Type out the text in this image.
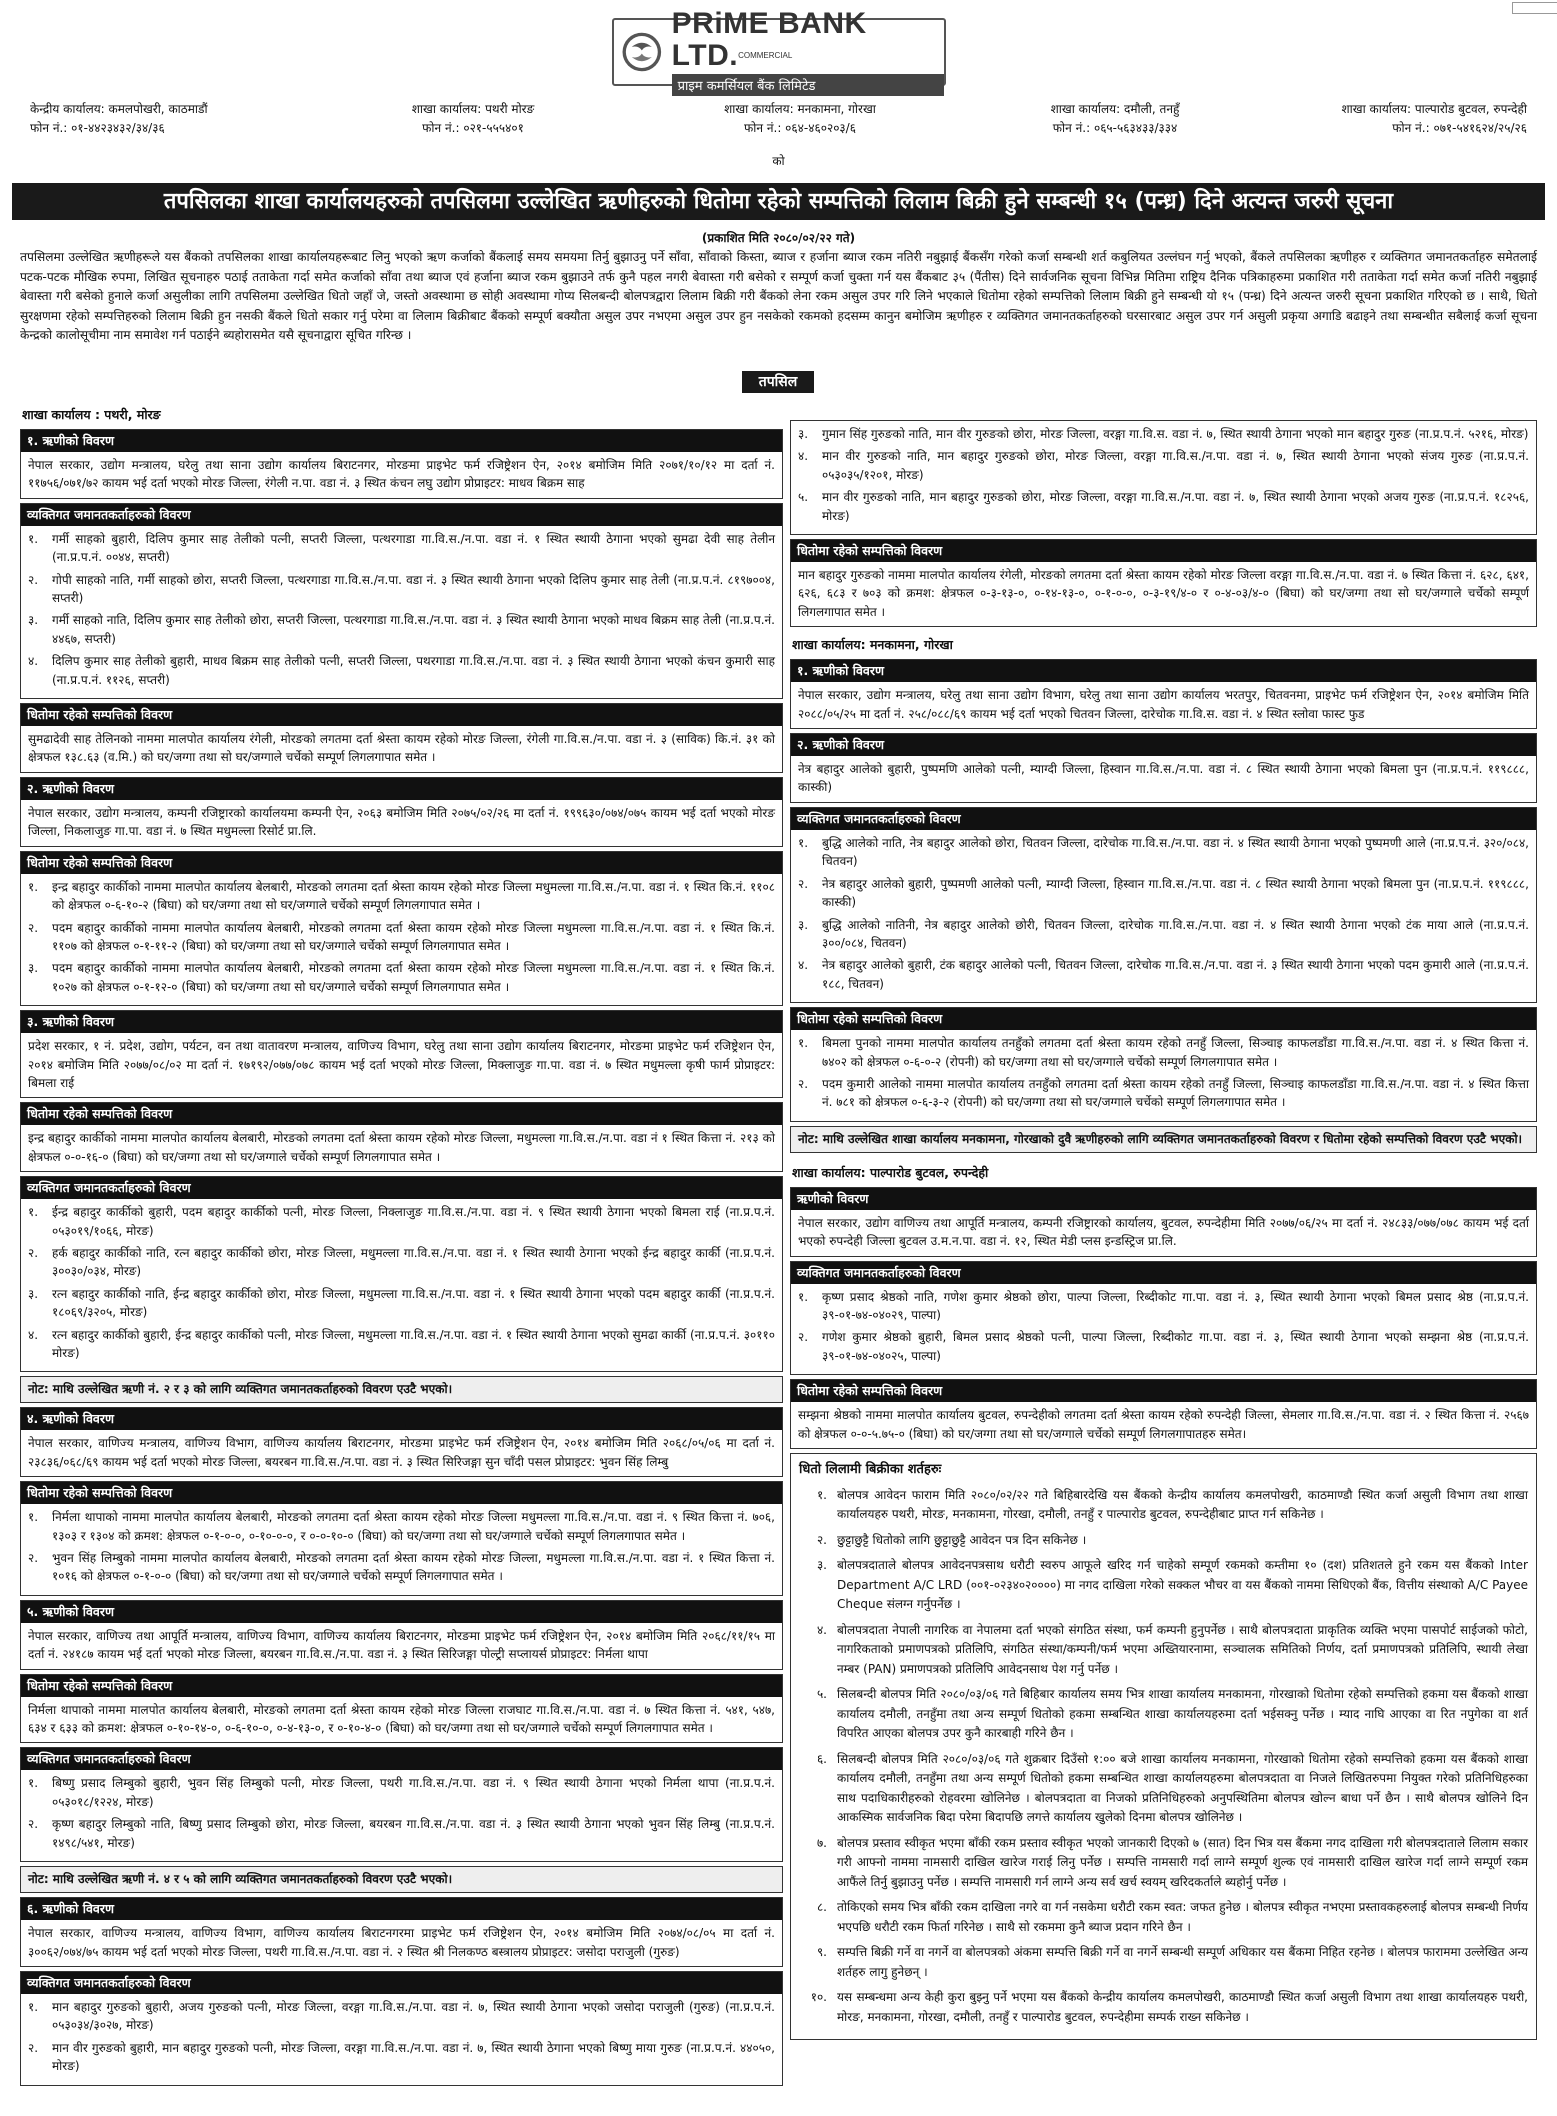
PRiME BANK LTD.$^{COMMERCIAL}$
प्राइम कमर्सियल बैंक लिमिटेड
केन्द्रीय कार्यालय: कमलपोखरी, काठमाडौं
फोन नं.: ०१-४४२३४३२/३४/३६
शाखा कार्यालय: पथरी मोरङ
फोन नं.: ०२१-५५५४०१
शाखा कार्यालय: मनकामना, गोरखा
फोन नं.: ०६४-४६०२०३/६
शाखा कार्यालय: दमौली, तनहुँ
फोन नं.: ०६५-५६३४३३/३३४
शाखा कार्यालय: पाल्पारोड बुटवल, रुपन्देही
फोन नं.: ०७१-५४१६२४/२५/२६
को
तपसिलका शाखा कार्यालयहरुको तपसिलमा उल्लेखित ऋणीहरुको धितोमा रहेको सम्पत्तिको लिलाम बिक्री हुने सम्बन्धी १५ (पन्ध्र) दिने अत्यन्त जरुरी सूचना
(प्रकाशित मिति २०८०/०२/२२ गते)
तपसिलमा उल्लेखित ऋणीहरूले यस बैंकको तपसिलका शाखा कार्यालयहरूबाट लिनु भएको ऋण कर्जाको बैंकलाई समय समयमा तिर्नु बुझाउनु पर्ने साँवा, साँवाको किस्ता, ब्याज र हर्जाना ब्याज रकम नतिरी नबुझाई बैंकसँग गरेको कर्जा सम्बन्धी शर्त कबुलियत उल्लंघन गर्नु भएको, बैंकले तपसिलका ऋणीहरु र व्यक्तिगत जमानतकर्ताहरु समेतलाई पटक-पटक मौखिक रुपमा, लिखित सूचनाहरु पठाई तताकेता गर्दा समेत कर्जाको साँवा तथा ब्याज एवं हर्जाना ब्याज रकम बुझाउने तर्फ कुनै पहल नगरी बेवास्ता गरी बसेको र सम्पूर्ण कर्जा चुक्ता गर्न यस बैंकबाट ३५ (पैंतीस) दिने सार्वजनिक सूचना विभिन्न मितिमा राष्ट्रिय दैनिक पत्रिकाहरुमा प्रकाशित गरी तताकेता गर्दा समेत कर्जा नतिरी नबुझाई बेवास्ता गरी बसेको हुनाले कर्जा असुलीका लागि तपसिलमा उल्लेखित धितो जहाँ जे, जस्तो अवस्थामा छ सोही अवस्थामा गोप्य सिलबन्दी बोलपत्रद्वारा लिलाम बिक्री गरी बैंकको लेना रकम असुल उपर गरि लिने भएकाले धितोमा रहेको सम्पत्तिको लिलाम बिक्री हुने सम्बन्धी यो १५ (पन्ध्र) दिने अत्यन्त जरुरी सूचना प्रकाशित गरिएको छ । साथै, धितो सुरक्षणमा रहेको सम्पत्तिहरुको लिलाम बिक्री हुन नसकी बैंकले धितो सकार गर्नु परेमा वा लिलाम बिक्रीबाट बैंकको सम्पूर्ण बक्यौता असुल उपर नभएमा असुल उपर हुन नसकेको रकमको हदसम्म कानुन बमोजिम ऋणीहरु र व्यक्तिगत जमानतकर्ताहरुको घरसारबाट असुल उपर गर्न असुली प्रकृया अगाडि बढाइने तथा सम्बन्धीत सबैलाई कर्जा सूचना केन्द्रको कालोसूचीमा नाम समावेश गर्न पठाईने ब्यहोरासमेत यसै सूचनाद्वारा सूचित गरिन्छ ।
तपसिल
शाखा कार्यालय : पथरी, मोरङ
१. ऋणीको विवरण
नेपाल सरकार, उद्योग मन्त्रालय, घरेलु तथा साना उद्योग कार्यालय बिराटनगर, मोरङमा प्राइभेट फर्म रजिष्ट्रेशन ऐन, २०१४ बमोजिम मिति २०७१/१०/१२ मा दर्ता नं. ११७५६/०७१/७२ कायम भई दर्ता भएको मोरङ जिल्ला, रंगेली न.पा. वडा नं. ३ स्थित कंचन लघु उद्योग प्रोप्राइटर: माधव बिक्रम साह
व्यक्तिगत जमानतकर्ताहरुको विवरण
१.	गर्मी साहको बुहारी, दिलिप कुमार साह तेलीको पत्नी, सप्तरी जिल्ला, पत्थरगाडा गा.वि.स./न.पा. वडा नं. १ स्थित स्थायी ठेगाना भएको सुमढा देवी साह तेलीन (ना.प्र.प.नं. ००४४, सप्तरी)
२.	गोपी साहको नाति, गर्मी साहको छोरा, सप्तरी जिल्ला, पत्थरगाडा गा.वि.स./न.पा. वडा नं. ३ स्थित स्थायी ठेगाना भएको दिलिप कुमार साह तेली (ना.प्र.प.नं. ८१९७००४, सप्तरी)
३.	गर्मी साहको नाति, दिलिप कुमार साह तेलीको छोरा, सप्तरी जिल्ला, पत्थरगाडा गा.वि.स./न.पा. वडा नं. ३ स्थित स्थायी ठेगाना भएको माधव बिक्रम साह तेली (ना.प्र.प.नं. ४४६७, सप्तरी)
४.	दिलिप कुमार साह तेलीको बुहारी, माधव बिक्रम साह तेलीको पत्नी, सप्तरी जिल्ला, पथरगाडा गा.वि.स./न.पा. वडा नं. ३ स्थित स्थायी ठेगाना भएको कंचन कुमारी साह (ना.प्र.प.नं. ११२६, सप्तरी)
धितोमा रहेको सम्पत्तिको विवरण
सुमढादेवी साह तेलिनको नाममा मालपोत कार्यालय रंगेली, मोरङको लगतमा दर्ता श्रेस्ता कायम रहेको मोरङ जिल्ला, रंगेली गा.वि.स./न.पा. वडा नं. ३ (साविक) कि.नं. ३१ को क्षेत्रफल १३८.६३ (व.मि.) को घर/जग्गा तथा सो घर/जग्गाले चर्चेको सम्पूर्ण लिगलगापात समेत ।
२. ऋणीको विवरण
नेपाल सरकार, उद्योग मन्त्रालय, कम्पनी रजिष्ट्रारको कार्यालयमा कम्पनी ऐन, २०६३ बमोजिम मिति २०७५/०२/२६ मा दर्ता नं. १९९६३०/०७४/०७५ कायम भई दर्ता भएको मोरङ जिल्ला, निकलाजुङ गा.पा. वडा नं. ७ स्थित मधुमल्ला रिसोर्ट प्रा.लि.
धितोमा रहेको सम्पत्तिको विवरण
१.	इन्द्र बहादुर कार्कीको नाममा मालपोत कार्यालय बेलबारी, मोरङको लगतमा दर्ता श्रेस्ता कायम रहेको मोरङ जिल्ला मधुमल्ला गा.वि.स./न.पा. वडा नं. १ स्थित कि.नं. ११०८ को क्षेत्रफल ०-६-१०-२ (बिघा) को घर/जग्गा तथा सो घर/जग्गाले चर्चेको सम्पूर्ण लिगलगापात समेत ।
२.	पदम बहादुर कार्कीको नाममा मालपोत कार्यालय बेलबारी, मोरङको लगतमा दर्ता श्रेस्ता कायम रहेको मोरङ जिल्ला मधुमल्ला गा.वि.स./न.पा. वडा नं. १ स्थित कि.नं. ११०७ को क्षेत्रफल ०-१-११-२ (बिघा) को घर/जग्गा तथा सो घर/जग्गाले चर्चेको सम्पूर्ण लिगलगापात समेत ।
३.	पदम बहादुर कार्कीको नाममा मालपोत कार्यालय बेलबारी, मोरङको लगतमा दर्ता श्रेस्ता कायम रहेको मोरङ जिल्ला मधुमल्ला गा.वि.स./न.पा. वडा नं. १ स्थित कि.नं. १०२७ को क्षेत्रफल ०-१-१२-० (बिघा) को घर/जग्गा तथा सो घर/जग्गाले चर्चेको सम्पूर्ण लिगलगापात समेत ।
३. ऋणीको विवरण
प्रदेश सरकार, १ नं. प्रदेश, उद्योग, पर्यटन, वन तथा वातावरण मन्त्रालय, वाणिज्य विभाग, घरेलु तथा साना उद्योग कार्यालय बिराटनगर, मोरङमा प्राइभेट फर्म रजिष्ट्रेशन ऐन, २०१४ बमोजिम मिति २०७७/०८/०२ मा दर्ता नं. १७१९२/०७७/०७८ कायम भई दर्ता भएको मोरङ जिल्ला, मिक्लाजुङ गा.पा. वडा नं. ७ स्थित मधुमल्ला कृषी फार्म प्रोप्राइटर: बिमला राई
धितोमा रहेको सम्पत्तिको विवरण
इन्द्र बहादुर कार्कीको नाममा मालपोत कार्यालय बेलबारी, मोरङको लगतमा दर्ता श्रेस्ता कायम रहेको मोरङ जिल्ला, मधुमल्ला गा.वि.स./न.पा. वडा नं १ स्थित कित्ता नं. २१३ को क्षेत्रफल ०-०-१६-० (बिघा) को घर/जग्गा तथा सो घर/जग्गाले चर्चेको सम्पूर्ण लिगलगापात समेत ।
व्यक्तिगत जमानतकर्ताहरुको विवरण
१.	ईन्द्र बहादुर कार्कीको बुहारी, पदम बहादुर कार्कीको पत्नी, मोरङ जिल्ला, निक्लाजुङ गा.वि.स./न.पा. वडा नं. ९ स्थित स्थायी ठेगाना भएको बिमला राई (ना.प्र.प.नं. ०५३०१९/१०६६, मोरङ)
२.	हर्क बहादुर कार्कीको नाति, रत्न बहादुर कार्कीको छोरा, मोरङ जिल्ला, मधुमल्ला गा.वि.स./न.पा. वडा नं. १ स्थित स्थायी ठेगाना भएको ईन्द्र बहादुर कार्की (ना.प्र.प.नं. ३००३०/०३४, मोरङ)
३.	रत्न बहादुर कार्कीको नाति, ईन्द्र बहादुर कार्कीको छोरा, मोरङ जिल्ला, मधुमल्ला गा.वि.स./न.पा. वडा नं. १ स्थित स्थायी ठेगाना भएको पदम बहादुर कार्की (ना.प्र.प.नं. १८०६९/३२०५, मोरङ)
४.	रत्न बहादुर कार्कीको बुहारी, ईन्द्र बहादुर कार्कीको पत्नी, मोरङ जिल्ला, मधुमल्ला गा.वि.स./न.पा. वडा नं. १ स्थित स्थायी ठेगाना भएको सुमढा कार्की (ना.प्र.प.नं. ३०११० मोरङ)
नोट: माथि उल्लेखित ऋणी नं. २ र ३ को लागि व्यक्तिगत जमानतकर्ताहरुको विवरण एउटै भएको।
४. ऋणीको विवरण
नेपाल सरकार, वाणिज्य मन्त्रालय, वाणिज्य विभाग, वाणिज्य कार्यालय बिराटनगर, मोरङमा प्राइभेट फर्म रजिष्ट्रेशन ऐन, २०१४ बमोजिम मिति २०६८/०५/०६ मा दर्ता नं. २३८३६/०६८/६९ कायम भई दर्ता भएको मोरङ जिल्ला, बयरबन गा.वि.स./न.पा. वडा नं. ३ स्थित सिरिजङ्गा सुन चाँदी पसल प्रोप्राइटर: भुवन सिंह लिम्बु
धितोमा रहेको सम्पत्तिको विवरण
१.	निर्मला थापाको नाममा मालपोत कार्यालय बेलबारी, मोरङको लगतमा दर्ता श्रेस्ता कायम रहेको मोरङ जिल्ला मधुमल्ला गा.वि.स./न.पा. वडा नं. ९ स्थित कित्ता नं. ७०६, १३०३ र १३०४ को क्रमश: क्षेत्रफल ०-१-०-०, ०-१०-०-०, र ०-०-१०-० (बिघा) को घर/जग्गा तथा सो घर/जग्गाले चर्चेको सम्पूर्ण लिगलगापात समेत ।
२.	भुवन सिंह लिम्बुको नाममा मालपोत कार्यालय बेलबारी, मोरङको लगतमा दर्ता श्रेस्ता कायम रहेको मोरङ जिल्ला, मधुमल्ला गा.वि.स./न.पा. वडा नं. १ स्थित कित्ता नं. १०१६ को क्षेत्रफल ०-१-०-० (बिघा) को घर/जग्गा तथा सो घर/जग्गाले चर्चेको सम्पूर्ण लिगलगापात समेत ।
५. ऋणीको विवरण
नेपाल सरकार, वाणिज्य तथा आपूर्ति मन्त्रालय, वाणिज्य विभाग, वाणिज्य कार्यालय बिराटनगर, मोरङमा प्राइभेट फर्म रजिष्ट्रेशन ऐन, २०१४ बमोजिम मिति २०६८/११/१५ मा दर्ता नं. २४१८७ कायम भई दर्ता भएको मोरङ जिल्ला, बयरबन गा.वि.स./न.पा. वडा नं. ३ स्थित सिरिजङ्गा पोल्ट्री सप्लायर्स प्रोप्राइटर: निर्मला थापा
धितोमा रहेको सम्पत्तिको विवरण
निर्मला थापाको नाममा मालपोत कार्यालय बेलबारी, मोरङको लगतमा दर्ता श्रेस्ता कायम रहेको मोरङ जिल्ला राजघाट गा.वि.स./न.पा. वडा नं. ७ स्थित कित्ता नं. ५४१, ५४७, ६३४ र ६३३ को क्रमश: क्षेत्रफल ०-१०-१४-०, ०-६-१०-०, ०-४-१३-०, र ०-१०-४-० (बिघा) को घर/जग्गा तथा सो घर/जग्गाले चर्चेको सम्पूर्ण लिगलगापात समेत ।
व्यक्तिगत जमानतकर्ताहरुको विवरण
१.	बिष्णु प्रसाद लिम्बुको बुहारी, भुवन सिंह लिम्बुको पत्नी, मोरङ जिल्ला, पथरी गा.वि.स./न.पा. वडा नं. ९ स्थित स्थायी ठेगाना भएको निर्मला थापा (ना.प्र.प.नं. ०५३०१८/१२२४, मोरङ)
२.	कृष्ण बहादुर लिम्बुको नाति, बिष्णु प्रसाद लिम्बुको छोरा, मोरङ जिल्ला, बयरबन गा.वि.स./न.पा. वडा नं. ३ स्थित स्थायी ठेगाना भएको भुवन सिंह लिम्बु (ना.प्र.प.नं. १४९८/५४१, मोरङ)
नोट: माथि उल्लेखित ऋणी नं. ४ र ५ को लागि व्यक्तिगत जमानतकर्ताहरुको विवरण एउटै भएको।
६. ऋणीको विवरण
नेपाल सरकार, वाणिज्य मन्त्रालय, वाणिज्य विभाग, वाणिज्य कार्यालय बिराटनगरमा प्राइभेट फर्म रजिष्ट्रेशन ऐन, २०१४ बमोजिम मिति २०७४/०८/०५ मा दर्ता नं. ३००६२/०७४/७५ कायम भई दर्ता भएको मोरङ जिल्ला, पथरी गा.वि.स./न.पा. वडा नं. २ स्थित श्री निलकण्ठ बस्त्रालय प्रोप्राइटर: जसोदा पराजुली (गुरुङ)
व्यक्तिगत जमानतकर्ताहरुको विवरण
१.	मान बहादुर गुरुङको बुहारी, अजय गुरुङको पत्नी, मोरङ जिल्ला, वरङ्गा गा.वि.स./न.पा. वडा नं. ७, स्थित स्थायी ठेगाना भएको जसोदा पराजुली (गुरुङ) (ना.प्र.प.नं. ०५३०३४/३०२७, मोरङ)
२.	मान वीर गुरुङको बुहारी, मान बहादुर गुरुङको पत्नी, मोरङ जिल्ला, वरङ्गा गा.वि.स./न.पा. वडा नं. ७, स्थित स्थायी ठेगाना भएको बिष्णु माया गुरुङ (ना.प्र.प.नं. ४४०५०, मोरङ)
३.	गुमान सिंह गुरुङको नाति, मान वीर गुरुङको छोरा, मोरङ जिल्ला, वरङ्गा गा.वि.स. वडा नं. ७, स्थित स्थायी ठेगाना भएको मान बहादुर गुरुङ (ना.प्र.प.नं. ५२१६, मोरङ)
४.	मान वीर गुरुङको नाति, मान बहादुर गुरुङको छोरा, मोरङ जिल्ला, वरङ्गा गा.वि.स./न.पा. वडा नं. ७, स्थित स्थायी ठेगाना भएको संजय गुरुङ (ना.प्र.प.नं. ०५३०३५/१२०१, मोरङ)
५.	मान वीर गुरुङको नाति, मान बहादुर गुरुङको छोरा, मोरङ जिल्ला, वरङ्गा गा.वि.स./न.पा. वडा नं. ७, स्थित स्थायी ठेगाना भएको अजय गुरुङ (ना.प्र.प.नं. १८२५६, मोरङ)
धितोमा रहेको सम्पत्तिको विवरण
मान बहादुर गुरुङको नाममा मालपोत कार्यालय रंगेली, मोरङको लगतमा दर्ता श्रेस्ता कायम रहेको मोरङ जिल्ला वरङ्गा गा.वि.स./न.पा. वडा नं. ७ स्थित कित्ता नं. ६२८, ६४१, ६२६, ६८३ र ७०३ को क्रमश: क्षेत्रफल ०-३-१३-०, ०-१४-१३-०, ०-१-०-०, ०-३-१९/४-० र ०-४-०३/४-० (बिघा) को घर/जग्गा तथा सो घर/जग्गाले चर्चेको सम्पूर्ण लिगलगापात समेत ।
शाखा कार्यालय: मनकामना, गोरखा
१. ऋणीको विवरण
नेपाल सरकार, उद्योग मन्त्रालय, घरेलु तथा साना उद्योग विभाग, घरेलु तथा साना उद्योग कार्यालय भरतपुर, चितवनमा, प्राइभेट फर्म रजिष्ट्रेशन ऐन, २०१४ बमोजिम मिति २०८८/०५/२५ मा दर्ता नं. २५८/०८८/६९ कायम भई दर्ता भएको चितवन जिल्ला, दारेचोक गा.वि.स. वडा नं. ४ स्थित स्लोवा फास्ट फुड
२. ऋणीको विवरण
नेत्र बहादुर आलेको बुहारी, पुष्पमणि आलेको पत्नी, म्याग्दी जिल्ला, हिस्वान गा.वि.स./न.पा. वडा नं. ८ स्थित स्थायी ठेगाना भएको बिमला पुन (ना.प्र.प.नं. ११९८८८, कास्की)
व्यक्तिगत जमानतकर्ताहरुको विवरण
१.	बुद्धि आलेको नाति, नेत्र बहादुर आलेको छोरा, चितवन जिल्ला, दारेचोक गा.वि.स./न.पा. वडा नं. ४ स्थित स्थायी ठेगाना भएको पुष्पमणी आले (ना.प्र.प.नं. ३२०/०८४, चितवन)
२.	नेत्र बहादुर आलेको बुहारी, पुष्पमणी आलेको पत्नी, म्याग्दी जिल्ला, हिस्वान गा.वि.स./न.पा. वडा नं. ८ स्थित स्थायी ठेगाना भएको बिमला पुन (ना.प्र.प.नं. ११९८८८, कास्की)
३.	बुद्धि आलेको नातिनी, नेत्र बहादुर आलेको छोरी, चितवन जिल्ला, दारेचोक गा.वि.स./न.पा. वडा नं. ४ स्थित स्थायी ठेगाना भएको टंक माया आले (ना.प्र.प.नं. ३००/०८४, चितवन)
४.	नेत्र बहादुर आलेको बुहारी, टंक बहादुर आलेको पत्नी, चितवन जिल्ला, दारेचोक गा.वि.स./न.पा. वडा नं. ३ स्थित स्थायी ठेगाना भएको पदम कुमारी आले (ना.प्र.प.नं. १८८, चितवन)
धितोमा रहेको सम्पत्तिको विवरण
१.	बिमला पुनको नाममा मालपोत कार्यालय तनहुँको लगतमा दर्ता श्रेस्ता कायम रहेको तनहुँ जिल्ला, सिञ्चाइ काफलडाँडा गा.वि.स./न.पा. वडा नं. ४ स्थित कित्ता नं. ७४०२ को क्षेत्रफल ०-६-०-२ (रोपनी) को घर/जग्गा तथा सो घर/जग्गाले चर्चेको सम्पूर्ण लिगलगापात समेत ।
२.	पदम कुमारी आलेको नाममा मालपोत कार्यालय तनहुँको लगतमा दर्ता श्रेस्ता कायम रहेको तनहुँ जिल्ला, सिञ्चाइ काफलडाँडा गा.वि.स./न.पा. वडा नं. ४ स्थित कित्ता नं. ७८१ को क्षेत्रफल ०-६-३-२ (रोपनी) को घर/जग्गा तथा सो घर/जग्गाले चर्चेको सम्पूर्ण लिगलगापात समेत ।
नोट: माथि उल्लेखित शाखा कार्यालय मनकामना, गोरखाको दुवै ऋणीहरुको लागि व्यक्तिगत जमानतकर्ताहरुको विवरण र धितोमा रहेको सम्पत्तिको विवरण एउटै भएको।
शाखा कार्यालय: पाल्पारोड बुटवल, रुपन्देही
ऋणीको विवरण
नेपाल सरकार, उद्योग वाणिज्य तथा आपूर्ति मन्त्रालय, कम्पनी रजिष्ट्रारको कार्यालय, बुटवल, रुपन्देहीमा मिति २०७७/०६/२५ मा दर्ता नं. २४८३३/०७७/०७८ कायम भई दर्ता भएको रुपन्देही जिल्ला बुटवल उ.म.न.पा. वडा नं. १२, स्थित मेडी प्लस इन्डस्ट्रिज प्रा.लि.
व्यक्तिगत जमानतकर्ताहरुको विवरण
१.	कृष्ण प्रसाद श्रेष्ठको नाति, गणेश कुमार श्रेष्ठको छोरा, पाल्पा जिल्ला, रिब्दीकोट गा.पा. वडा नं. ३, स्थित स्थायी ठेगाना भएको बिमल प्रसाद श्रेष्ठ (ना.प्र.प.नं. ३९-०१-७४-०४०२९, पाल्पा)
२.	गणेश कुमार श्रेष्ठको बुहारी, बिमल प्रसाद श्रेष्ठको पत्नी, पाल्पा जिल्ला, रिब्दीकोट गा.पा. वडा नं. ३, स्थित स्थायी ठेगाना भएको सम्झना श्रेष्ठ (ना.प्र.प.नं. ३९-०१-७४-०४०२५, पाल्पा)
धितोमा रहेको सम्पत्तिको विवरण
सम्झना श्रेष्ठको नाममा मालपोत कार्यालय बुटवल, रुपन्देहीको लगतमा दर्ता श्रेस्ता कायम रहेको रुपन्देही जिल्ला, सेमलार गा.वि.स./न.पा. वडा नं. २ स्थित कित्ता नं. २५६७ को क्षेत्रफल ०-०-५.७५-० (बिघा) को घर/जग्गा तथा सो घर/जग्गाले चर्चेको सम्पूर्ण लिगलगापातहरु समेत।
धितो लिलामी बिक्रीका शर्तहरुः
१. बोलपत्र आवेदन फाराम मिति २०८०/०२/२२ गते बिहिबारदेखि यस बैंकको केन्द्रीय कार्यालय कमलपोखरी, काठमाण्डौ स्थित कर्जा असुली विभाग तथा शाखा कार्यालयहरु पथरी, मोरङ, मनकामना, गोरखा, दमौली, तनहुँ र पाल्पारोड बुटवल, रुपन्देहीबाट प्राप्त गर्न सकिनेछ ।
२. छुट्टाछुट्टै धितोको लागि छुट्टाछुट्टै आवेदन पत्र दिन सकिनेछ ।
३. बोलपत्रदाताले बोलपत्र आवेदनपत्रसाथ धरौटी स्वरुप आफूले खरिद गर्न चाहेको सम्पूर्ण रकमको कम्तीमा १० (दश) प्रतिशतले हुने रकम यस बैंकको Inter Department A/C LRD (००१-०२३४०२००००) मा नगद दाखिला गरेको सक्कल भौचर वा यस बैंकको नाममा सिधिएको बैंक, वित्तीय संस्थाको A/C Payee Cheque संलग्न गर्नुपर्नेछ ।
४. बोलपत्रदाता नेपाली नागरिक वा नेपालमा दर्ता भएको संगठित संस्था, फर्म कम्पनी हुनुपर्नेछ । साथै बोलपत्रदाता प्राकृतिक व्यक्ति भएमा पासपोर्ट साईजको फोटो, नागरिकताको प्रमाणपत्रको प्रतिलिपि, संगठित संस्था/कम्पनी/फर्म भएमा अख्तियारनामा, सञ्चालक समितिको निर्णय, दर्ता प्रमाणपत्रको प्रतिलिपि, स्थायी लेखा नम्बर (PAN) प्रमाणपत्रको प्रतिलिपि आवेदनसाथ पेश गर्नु पर्नेछ ।
५. सिलबन्दी बोलपत्र मिति २०८०/०३/०६ गते बिहिबार कार्यालय समय भित्र शाखा कार्यालय मनकामना, गोरखाको धितोमा रहेको सम्पत्तिको हकमा यस बैंकको शाखा कार्यालय दमौली, तनहुँमा तथा अन्य सम्पूर्ण धितोको हकमा सम्बन्धित शाखा कार्यालयहरुमा दर्ता भईसक्नु पर्नेछ । म्याद नाघि आएका वा रित नपुगेका वा शर्त विपरित आएका बोलपत्र उपर कुनै कारबाही गरिने छैन ।
६. सिलबन्दी बोलपत्र मिति २०८०/०३/०६ गते शुक्रबार दिउँसो १:०० बजे शाखा कार्यालय मनकामना, गोरखाको धितोमा रहेको सम्पत्तिको हकमा यस बैंकको शाखा कार्यालय दमौली, तनहुँमा तथा अन्य सम्पूर्ण धितोको हकमा सम्बन्धित शाखा कार्यालयहरुमा बोलपत्रदाता वा निजले लिखितरुपमा नियुक्त गरेको प्रतिनिधिहरुका साथ पदाधिकारीहरुको रोहवरमा खोलिनेछ । बोलपत्रदाता वा निजको प्रतिनिधिहरुको अनुपस्थितिमा बोलपत्र खोल्न बाधा पर्ने छैन । साथै बोलपत्र खोलिने दिन आकस्मिक सार्वजनिक बिदा परेमा बिदापछि लगत्ते कार्यालय खुलेको दिनमा बोलपत्र खोलिनेछ ।
७. बोलपत्र प्रस्ताव स्वीकृत भएमा बाँकी रकम प्रस्ताव स्वीकृत भएको जानकारी दिएको ७ (सात) दिन भित्र यस बैंकमा नगद दाखिला गरी बोलपत्रदाताले लिलाम सकार गरी आफ्नो नाममा नामसारी दाखिल खारेज गराई लिनु पर्नेछ । सम्पत्ति नामसारी गर्दा लाग्ने सम्पूर्ण शुल्क एवं नामसारी दाखिल खारेज गर्दा लाग्ने सम्पूर्ण रकम आफैंले तिर्नु बुझाउनु पर्नेछ । सम्पत्ति नामसारी गर्न लाग्ने अन्य सर्व खर्च स्वयम् खरिदकर्ताले ब्यहोर्नु पर्नेछ ।
८. तोकिएको समय भित्र बाँकी रकम दाखिला नगरे वा गर्न नसकेमा धरौटी रकम स्वत: जफत हुनेछ । बोलपत्र स्वीकृत नभएमा प्रस्तावकहरुलाई बोलपत्र सम्बन्धी निर्णय भएपछि धरौटी रकम फिर्ता गरिनेछ । साथै सो रकममा कुनै ब्याज प्रदान गरिने छैन ।
९. सम्पत्ति बिक्री गर्ने वा नगर्ने वा बोलपत्रको अंकमा सम्पत्ति बिक्री गर्ने वा नगर्ने सम्बन्धी सम्पूर्ण अधिकार यस बैंकमा निहित रहनेछ । बोलपत्र फाराममा उल्लेखित अन्य शर्तहरु लागु हुनेछन् ।
१०. यस सम्बन्धमा अन्य केही कुरा बुझ्नु पर्ने भएमा यस बैंकको केन्द्रीय कार्यालय कमलपोखरी, काठमाण्डौ स्थित कर्जा असुली विभाग तथा शाखा कार्यालयहरु पथरी, मोरङ, मनकामना, गोरखा, दमौली, तनहुँ र पाल्पारोड बुटवल, रुपन्देहीमा सम्पर्क राख्न सकिनेछ ।
